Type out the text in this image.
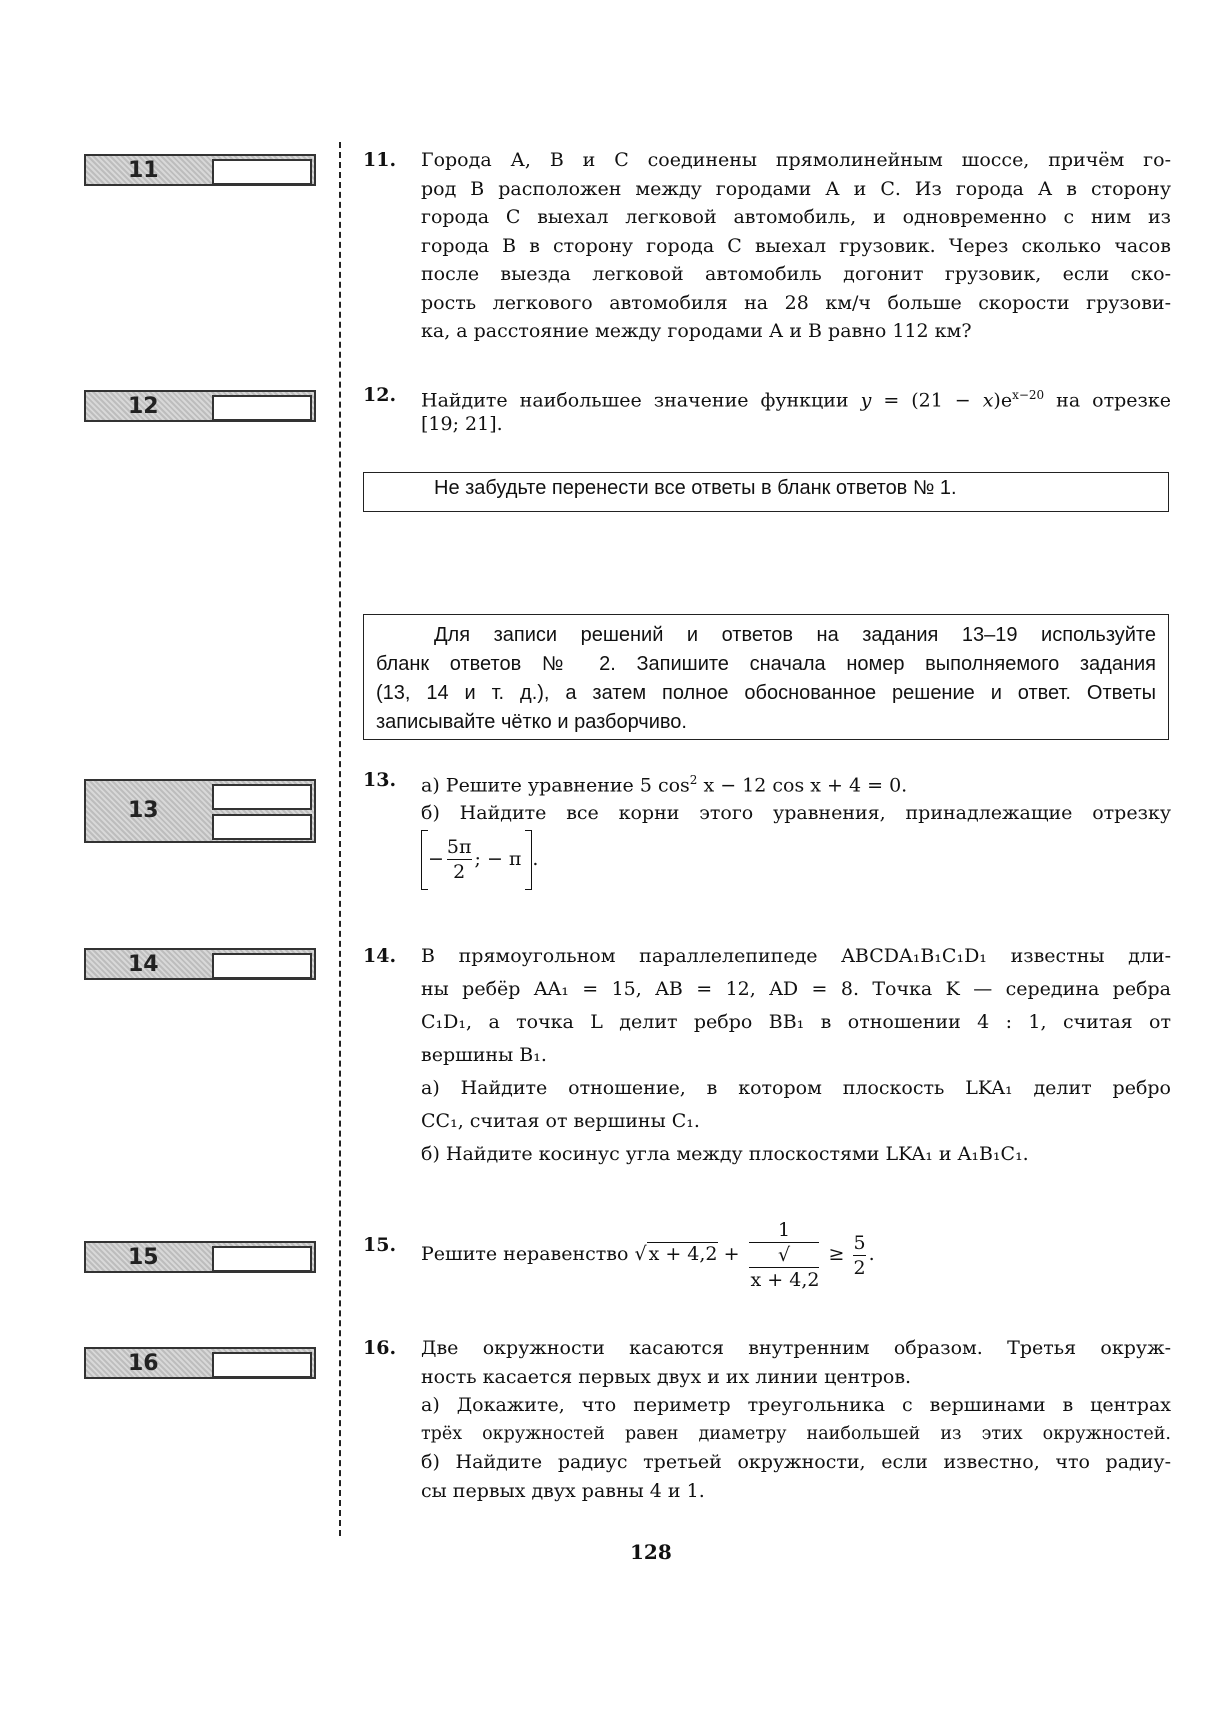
11
12
13
14
15
16
11. Города А, В и С соединены прямолинейным шоссе, причём го-
род В расположен между городами А и С. Из города А в сторону
города С выехал легковой автомобиль, и одновременно с ним из
города В в сторону города С выехал грузовик. Через сколько часов
после выезда легковой автомобиль догонит грузовик, если ско-
рость легкового автомобиля на 28 км/ч больше скорости грузови-
ка, а расстояние между городами А и В равно 112 км?
12. Найдите наибольшее значение функции $y = (21 - x)e^{x-20}$ на отрезке
[19; 21].
Не забудьте перенести все ответы в бланк ответов № 1.
Для записи решений и ответов на задания 13–19 используйте
бланк ответов № 2. Запишите сначала номер выполняемого задания
(13, 14 и т. д.), а затем полное обоснованное решение и ответ. Ответы
записывайте чётко и разборчиво.
13. а) Решите уравнение 5 $\cos^2 x - 12$ cos x + 4 = 0.
б) Найдите все корни этого уравнения, принадлежащие отрезку
− $\frac{5\pi}{2}$ ; − π .
14. В прямоугольном параллелепипеде ABCDA₁B₁C₁D₁ известны дли-
ны ребёр AA₁ = 15, AB = 12, AD = 8. Точка K — середина ребра
C₁D₁, а точка L делит ребро BB₁ в отношении 4 : 1, считая от
вершины B₁.
а) Найдите отношение, в котором плоскость LKA₁ делит ребро
CC₁, считая от вершины C₁.
б) Найдите косинус угла между плоскостями LKA₁ и A₁B₁C₁.
15. Решите неравенство √ x + 4,2 + 1
√
$x + 4,2 \ge \frac{5}{2}$ .
16. Две окружности касаются внутренним образом. Третья окруж-
ность касается первых двух и их линии центров.
а) Докажите, что периметр треугольника с вершинами в центрах
трёх окружностей равен диаметру наибольшей из этих окружностей.
б) Найдите радиус третьей окружности, если известно, что радиу-
сы первых двух равны 4 и 1.
128
